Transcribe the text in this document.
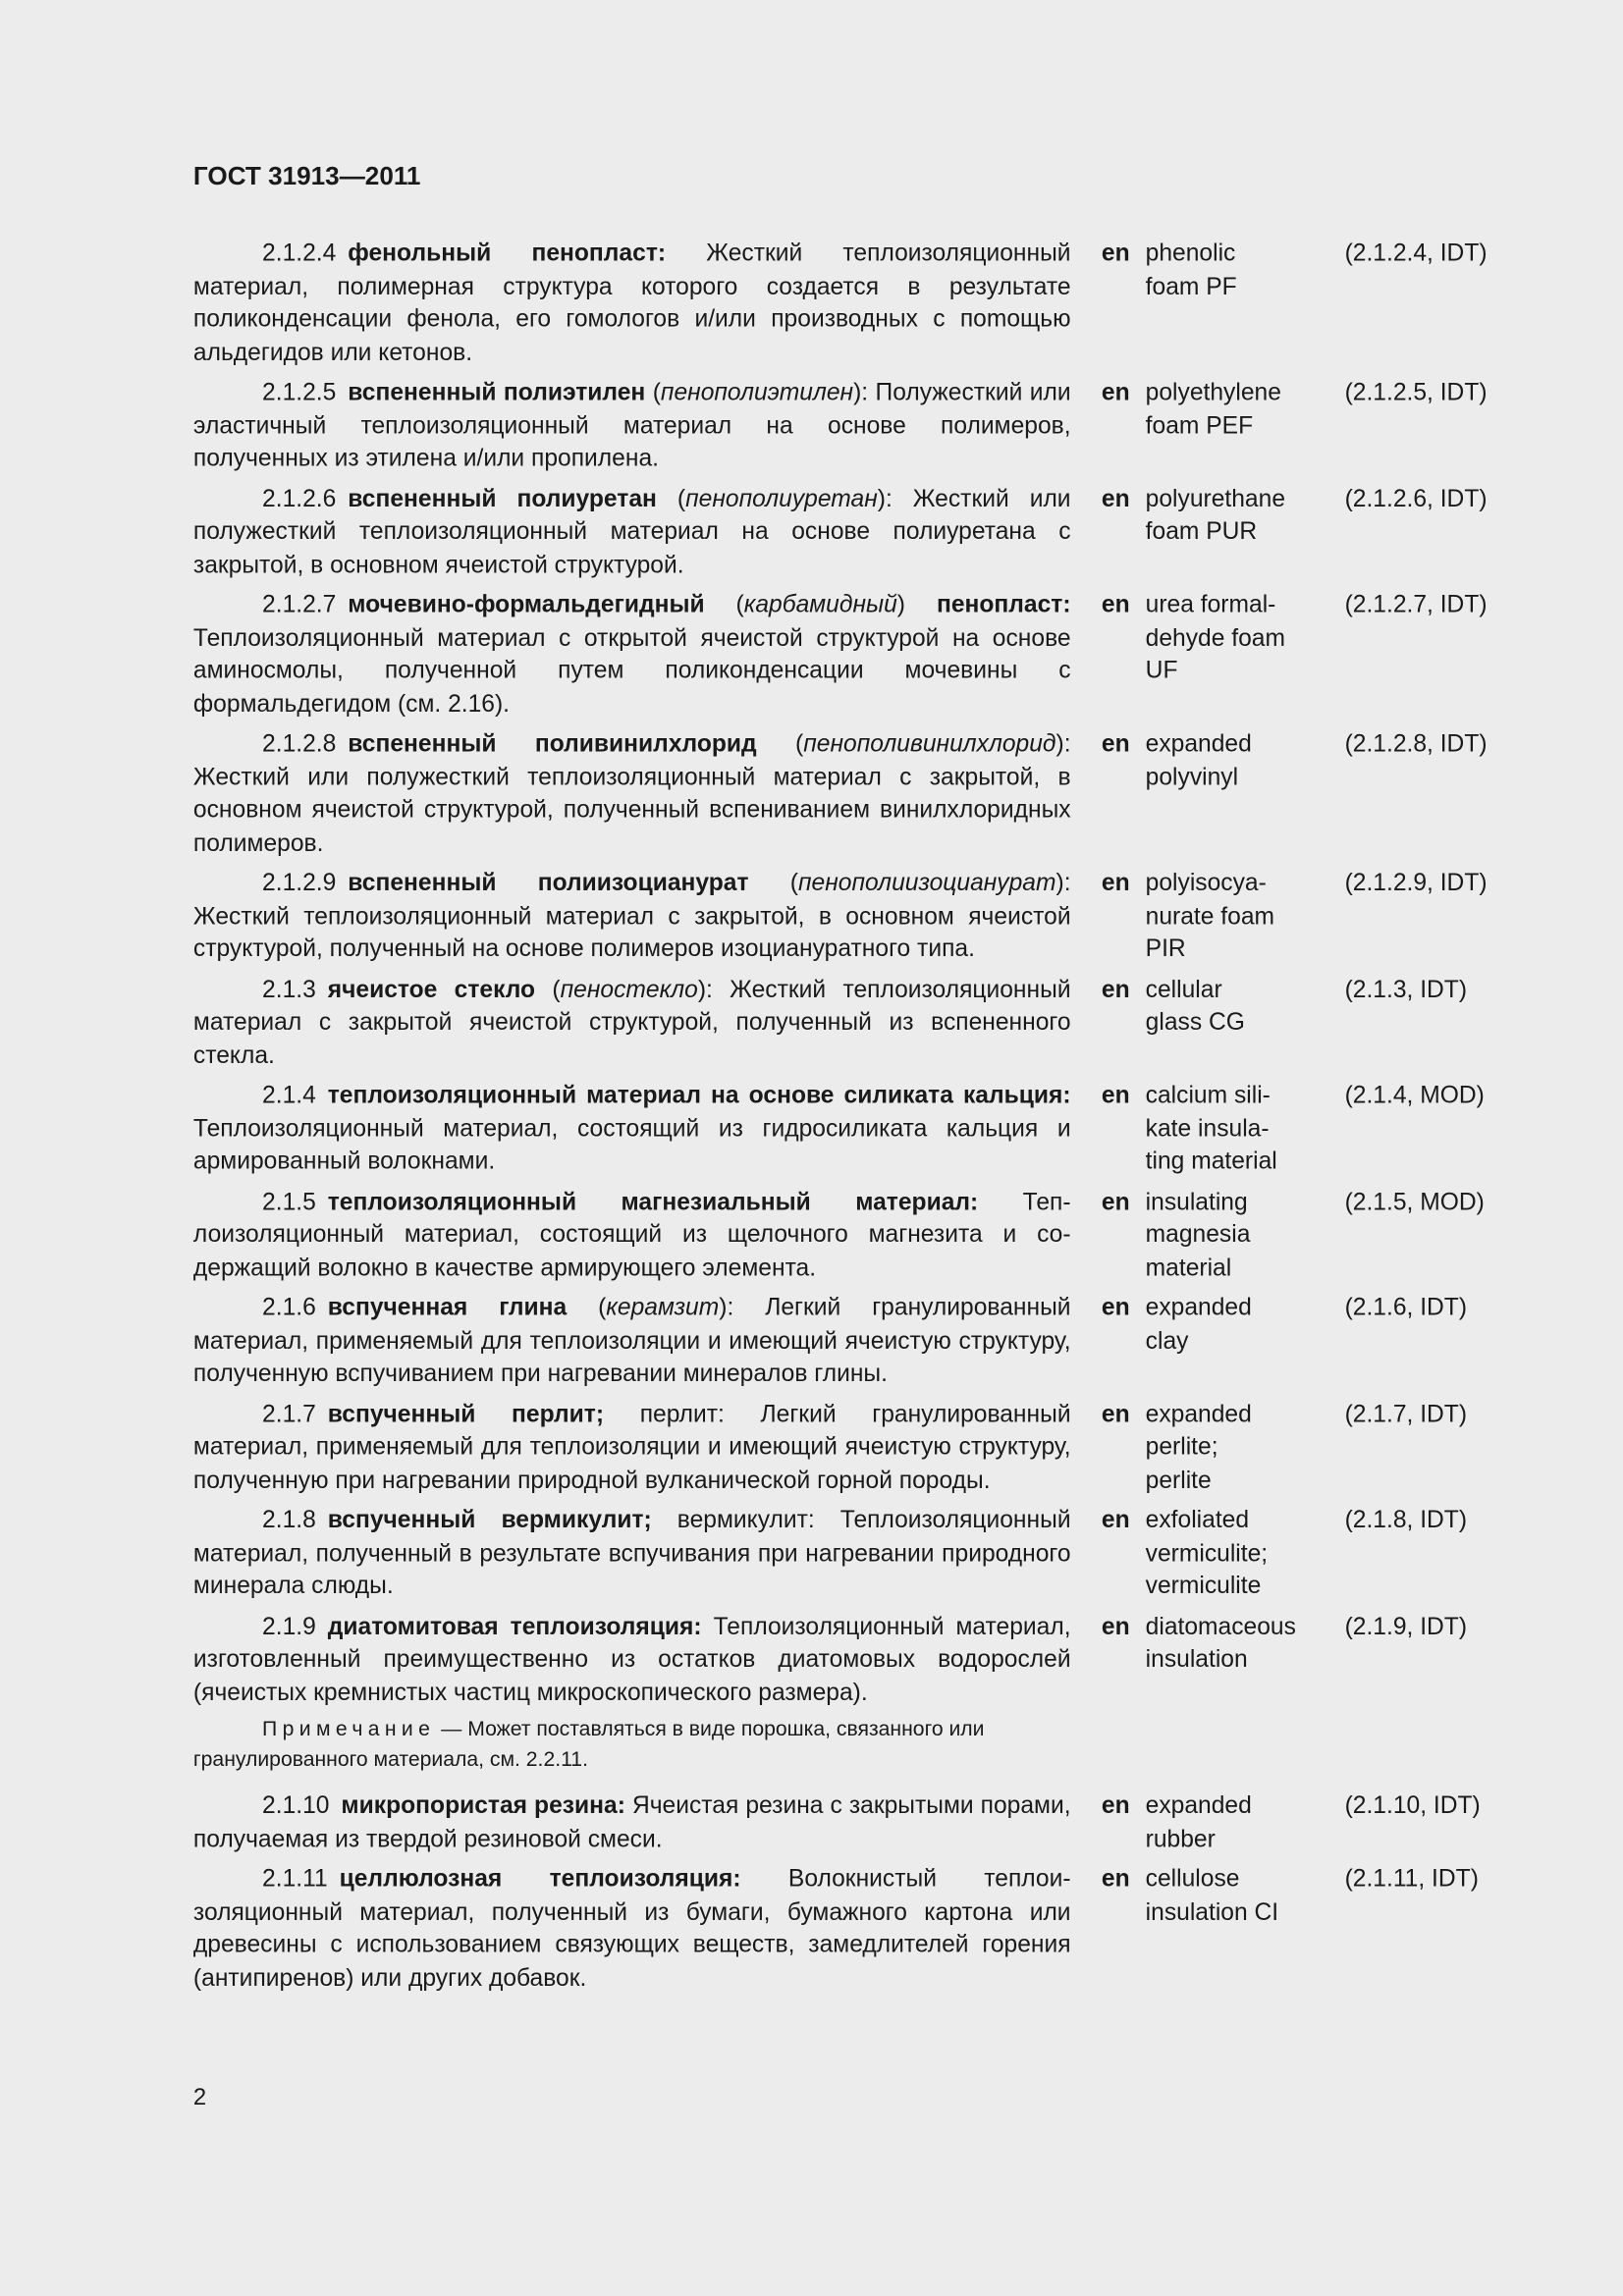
ГОСТ 31913—2011
2.1.2.4 фенольный пенопласт: Жесткий теплоизоляционный материал, полимерная структура которого создается в результате поликонденсации фенола, его гомологов и/или производных с поmощью альдегидов или кетонов.
en phenolic
foam PF
(2.1.2.4, IDT)
2.1.2.5 вспененный полиэтилен (пенополиэтилен): Полужесткий или эластичный теплоизоляционный материал на основе полимеров, полученных из этилена и/или пропилена.
en polyethylene
foam PEF
(2.1.2.5, IDT)
2.1.2.6 вспененный полиуретан (пенополиуретан): Жесткий или полужесткий теплоизоляционный материал на основе полиуретана с закрытой, в основном ячеистой структурой.
en polyurethane
foam PUR
(2.1.2.6, IDT)
2.1.2.7 мочевино-формальдегидный (карбамидный) пенопласт: Теплоизоляционный материал с открытой ячеистой структурой на основе аминосмолы, полученной путем поликонденсации мочевины с формальдегидом (см. 2.16).
en urea formal-
dehyde foam
UF
(2.1.2.7, IDT)
2.1.2.8 вспененный поливинилхлорид (пенополивинилхлорид): Жесткий или полужесткий теплоизоляционный материал с закрытой, в основном ячеистой структурой, полученный вспениванием винилхлоридных полимеров.
en expanded
polyvinyl
(2.1.2.8, IDT)
2.1.2.9 вспененный полиизоцианурат (пенополиизоцианурат): Жесткий теплоизоляционный материал с закрытой, в основном ячеистой структурой, полученный на основе полимеров изоциануратного типа.
en polyisocya-
nurate foam
PIR
(2.1.2.9, IDT)
2.1.3 ячеистое стекло (пеностекло): Жесткий теплоизоляционный материал с закрытой ячеистой структурой, полученный из вспененного стекла.
en cellular
glass CG
(2.1.3, IDT)
2.1.4 теплоизоляционный материал на основе силиката кальция: Теплоизоляционный материал, состоящий из гидросиликата кальция и армированный волокнами.
en calcium sili-
kate insula-
ting material
(2.1.4, MOD)
2.1.5 теплоизоляционный магнезиальный материал: Теплоизоляционный материал, состоящий из щелочного магнезита и содержащий волокно в качестве армирующего элемента.
en insulating
magnesia
material
(2.1.5, MOD)
2.1.6 вспученная глина (керамзит): Легкий гранулированный материал, применяемый для теплоизоляции и имеющий ячеистую структуру, полученную вспучиванием при нагревании минералов глины.
en expanded
clay
(2.1.6, IDT)
2.1.7 вспученный перлит; перлит: Легкий гранулированный материал, применяемый для теплоизоляции и имеющий ячеистую структуру, полученную при нагревании природной вулканической горной породы.
en expanded
perlite;
perlite
(2.1.7, IDT)
2.1.8 вспученный вермикулит; вермикулит: Теплоизоляционный материал, полученный в результате вспучивания при нагревании природного минерала слюды.
en exfoliated
vermiculite;
vermiculite
(2.1.8, IDT)
2.1.9 диатомитовая теплоизоляция: Теплоизоляционный материал, изготовленный преимущественно из остатков диатомовых водорослей (ячеистых кремнистых частиц микроскопического размера).
en diatomaceous
insulation
(2.1.9, IDT)
Примечание — Может поставляться в виде порошка, связанного или гранулированного материала, см. 2.2.11.
2.1.10 микропористая резина: Ячеистая резина с закрытыми порами, получаемая из твердой резиновой смеси.
en expanded
rubber
(2.1.10, IDT)
2.1.11 целлюлозная теплоизоляция: Волокнистый теплоизоляционный материал, полученный из бумаги, бумажного картона или древесины с использованием связующих веществ, замедлителей горения (антипиренов) или других добавок.
en cellulose
insulation CI
(2.1.11, IDT)
2
